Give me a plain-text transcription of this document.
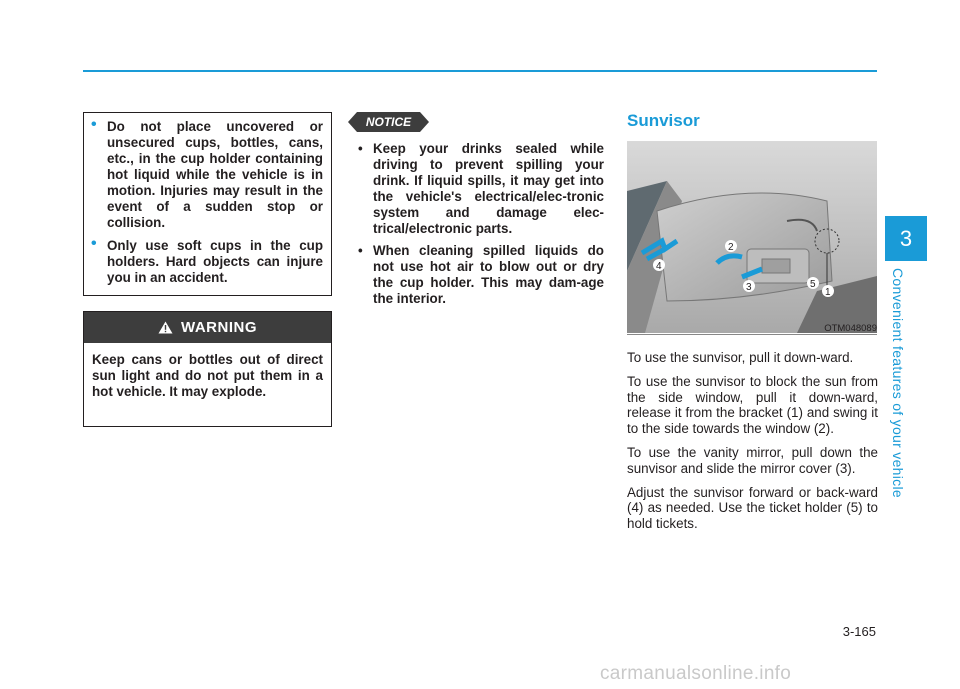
• Do not place uncovered or unsecured cups, bottles, cans, etc., in the cup holder containing hot liquid while the vehicle is in motion. Injuries may result in the event of a sudden stop or collision.
• Only use soft cups in the cup holders. Hard objects can injure you in an accident.
WARNING
Keep cans or bottles out of direct sun light and do not put them in a hot vehicle. It may explode.
NOTICE
• Keep your drinks sealed while driving to prevent spilling your drink. If liquid spills, it may get into the vehicle's electrical/elec-tronic system and damage elec-trical/electronic parts.
• When cleaning spilled liquids do not use hot air to blow out or dry the cup holder. This may dam-age the interior.
Sunvisor
1
2
3
4
5
OTM048089

To use the sunvisor, pull it down-ward.

To use the sunvisor to block the sun from the side window, pull it down-ward, release it from the bracket (1) and swing it to the side towards the window (2).

To use the vanity mirror, pull down the sunvisor and slide the mirror cover (3).

Adjust the sunvisor forward or back-ward (4) as needed. Use the ticket holder (5) to hold tickets.

3
Convenient features of your vehicle
3-165
carmanualsonline.info
